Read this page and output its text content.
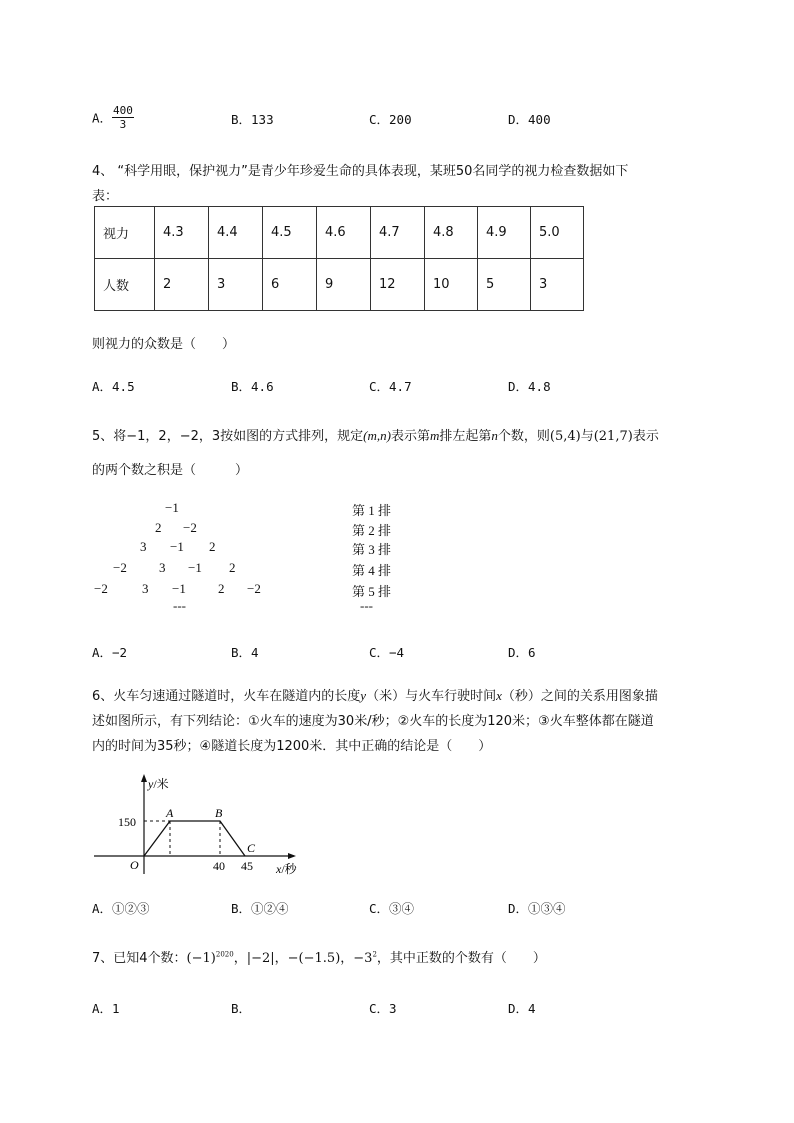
A． $\frac{400}{3}$	B．133	C．200	D．400
4、 “科学用眼，保护视力”是青少年珍爱生命的具体表现，某班50名同学的视力检查数据如下
表：
视力	4.3	4.4	4.5	4.6	4.7	4.8	4.9	5.0
人数	2	3	6	9	12	10	5	3
则视力的众数是（　　）
A．4.5	B．4.6	C．4.7	D．4.8
5、将−1，2，−2，3按如图的方式排列，规定(m,n)表示第m排左起第n个数，则(5,4)与(21,7)表示
的两个数之积是（　　　）
−1
2 −2
3 −1 2
−2 3 −1 2
−2	3 −1 2 −2
---
第 1 排
第 2 排
第 3 排
第 4 排
第 5 排
---
A．−2	B．4	C．−4	D．6
6、火车匀速通过隧道时，火车在隧道内的长度y（米）与火车行驶时间x（秒）之间的关系用图象描
述如图所示，有下列结论：①火车的速度为30米/秒；②火车的长度为120米；③火车整体都在隧道
内的时间为35秒；④隧道长度为1200米．其中正确的结论是（　　）
y/米
150
A	B
C
O	40 45 x/秒
A．①②③	B．①②④	C．③④	D．①③④
7、已知4个数：$(-1)^{2020}$，|−2|，−(−1.5)，$-3^2$，其中正数的个数有（　　）
A．1	B．	C．3	D．4
